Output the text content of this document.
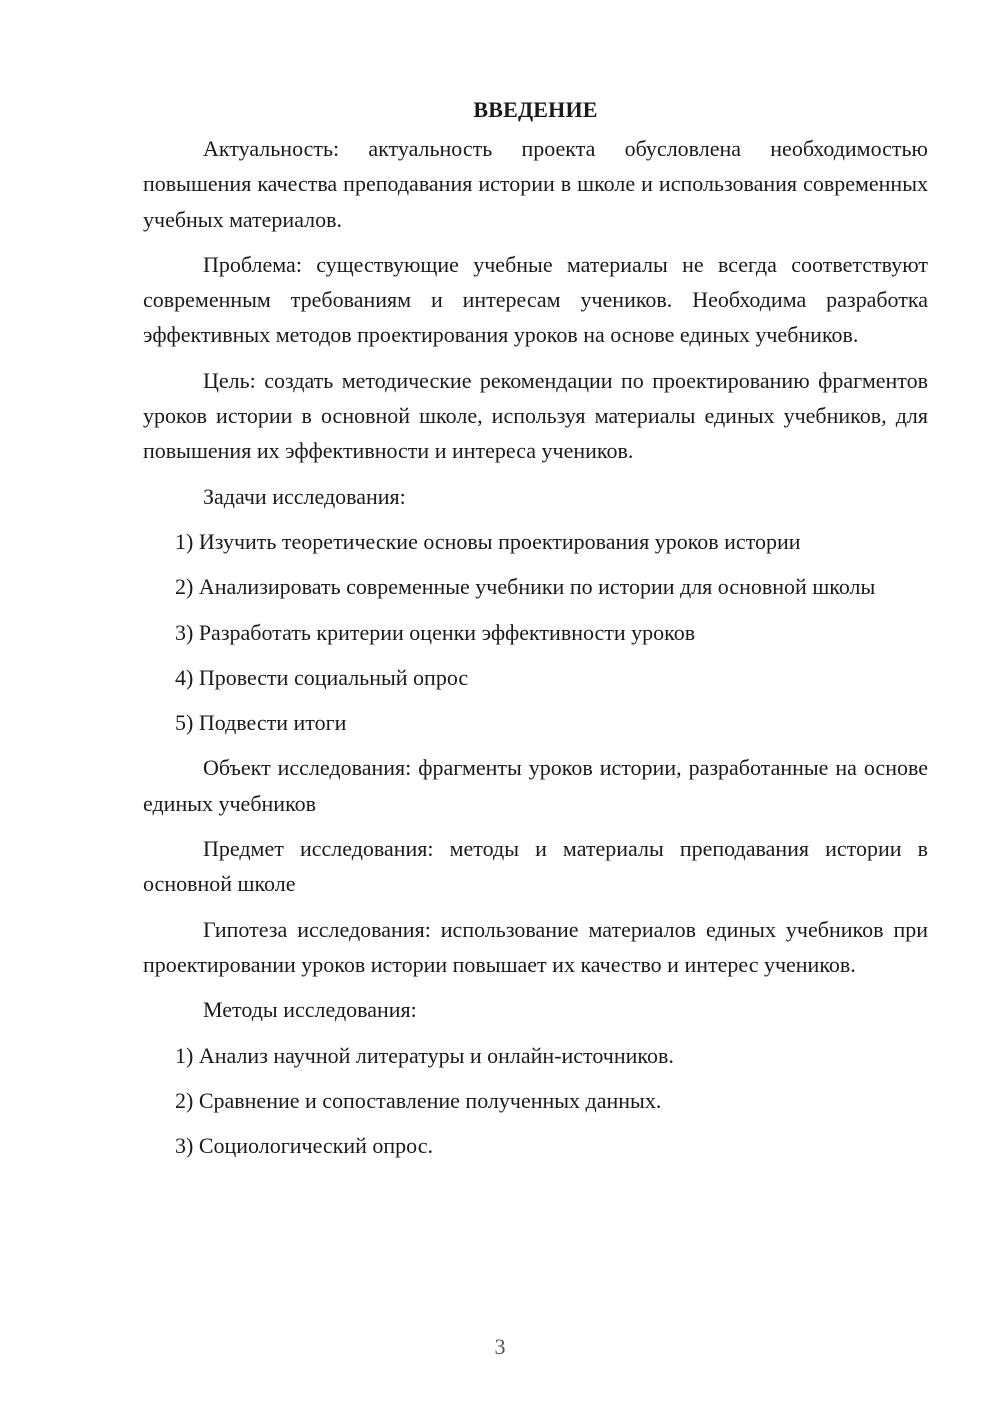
ВВЕДЕНИЕ

Актуальность: актуальность проекта обусловлена необходимостью повышения качества преподавания истории в школе и использования современных учебных материалов.

Проблема: существующие учебные материалы не всегда соответствуют современным требованиям и интересам учеников. Необходима разработка эффективных методов проектирования уроков на основе единых учебников.

Цель: создать методические рекомендации по проектированию фрагментов уроков истории в основной школе, используя материалы единых учебников, для повышения их эффективности и интереса учеников.

Задачи исследования:

1) Изучить теоретические основы проектирования уроков истории

2) Анализировать современные учебники по истории для основной школы

3) Разработать критерии оценки эффективности уроков

4) Провести социальный опрос

5) Подвести итоги

Объект исследования: фрагменты уроков истории, разработанные на основе единых учебников

Предмет исследования: методы и материалы преподавания истории в основной школе

Гипотеза исследования: использование материалов единых учебников при проектировании уроков истории повышает их качество и интерес учеников.

Методы исследования:

1) Анализ научной литературы и онлайн-источников.

2) Сравнение и сопоставление полученных данных.

3) Социологический опрос.

3
